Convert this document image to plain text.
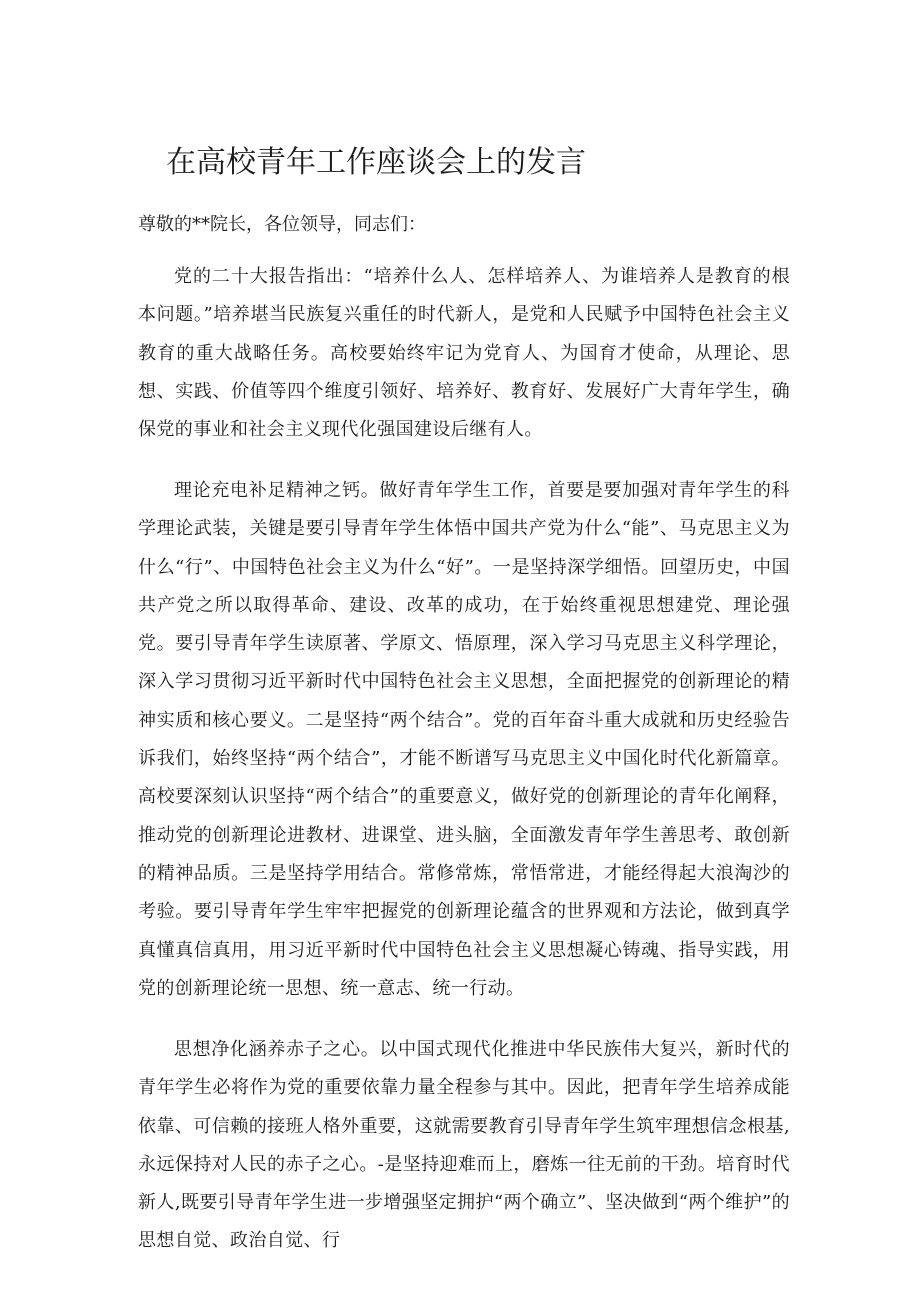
在高校青年工作座谈会上的发言

尊敬的**院长，各位领导，同志们：

党的二十大报告指出：“培养什么人、怎样培养人、为谁培养人是教育的根本问题。”培养堪当民族复兴重任的时代新人，是党和人民赋予中国特色社会主义教育的重大战略任务。高校要始终牢记为党育人、为国育才使命，从理论、思想、实践、价值等四个维度引领好、培养好、教育好、发展好广大青年学生，确保党的事业和社会主义现代化强国建设后继有人。

理论充电补足精神之钙。做好青年学生工作，首要是要加强对青年学生的科学理论武装，关键是要引导青年学生体悟中国共产党为什么“能”、马克思主义为什么“行”、中国特色社会主义为什么“好”。一是坚持深学细悟。回望历史，中国共产党之所以取得革命、建设、改革的成功，在于始终重视思想建党、理论强党。要引导青年学生读原著、学原文、悟原理，深入学习马克思主义科学理论，深入学习贯彻习近平新时代中国特色社会主义思想，全面把握党的创新理论的精神实质和核心要义。二是坚持“两个结合”。党的百年奋斗重大成就和历史经验告诉我们，始终坚持“两个结合”，才能不断谱写马克思主义中国化时代化新篇章。高校要深刻认识坚持“两个结合”的重要意义，做好党的创新理论的青年化阐释，推动党的创新理论进教材、进课堂、进头脑，全面激发青年学生善思考、敢创新的精神品质。三是坚持学用结合。常修常炼，常悟常进，才能经得起大浪淘沙的考验。要引导青年学生牢牢把握党的创新理论蕴含的世界观和方法论，做到真学真懂真信真用，用习近平新时代中国特色社会主义思想凝心铸魂、指导实践，用党的创新理论统一思想、统一意志、统一行动。

思想净化涵养赤子之心。以中国式现代化推进中华民族伟大复兴，新时代的青年学生必将作为党的重要依靠力量全程参与其中。因此，把青年学生培养成能依靠、可信赖的接班人格外重要，这就需要教育引导青年学生筑牢理想信念根基,永远保持对人民的赤子之心。-是坚持迎难而上，磨炼一往无前的干劲。培育时代新人,既要引导青年学生进一步增强坚定拥护“两个确立”、坚决做到“两个维护”的思想自觉、政治自觉、行
